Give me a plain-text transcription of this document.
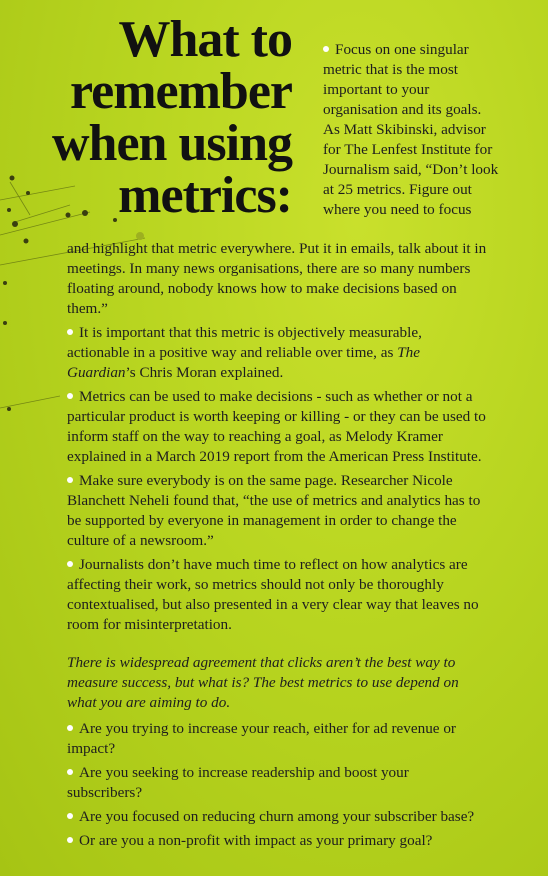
What to
remember
when using
metrics:
Focus on one singular metric that is the most important to your organisation and its goals. As Matt Skibinski, advisor for The Lenfest Institute for Journalism said, “Don’t look at 25 metrics. Figure out where you need to focus

and highlight that metric everywhere. Put it in emails, talk about it in meetings. In many news organisations, there are so many numbers floating around, nobody knows how to make decisions based on them.”

It is important that this metric is objectively measurable, actionable in a positive way and reliable over time, as The Guardian’s Chris Moran explained.

Metrics can be used to make decisions - such as whether or not a particular product is worth keeping or killing - or they can be used to inform staff on the way to reaching a goal, as Melody Kramer explained in a March 2019 report from the American Press Institute.

Make sure everybody is on the same page. Researcher Nicole Blanchett Neheli found that, “the use of metrics and analytics has to be supported by everyone in management in order to change the culture of a newsroom.”

Journalists don’t have much time to reflect on how analytics are affecting their work, so metrics should not only be thoroughly contextualised, but also presented in a very clear way that leaves no room for misinterpretation.

There is widespread agreement that clicks aren’t the best way to measure success, but what is? The best metrics to use depend on what you are aiming to do.

Are you trying to increase your reach, either for ad revenue or impact?

Are you seeking to increase readership and boost your subscribers?

Are you focused on reducing churn among your subscriber base?

Or are you a non-profit with impact as your primary goal?
